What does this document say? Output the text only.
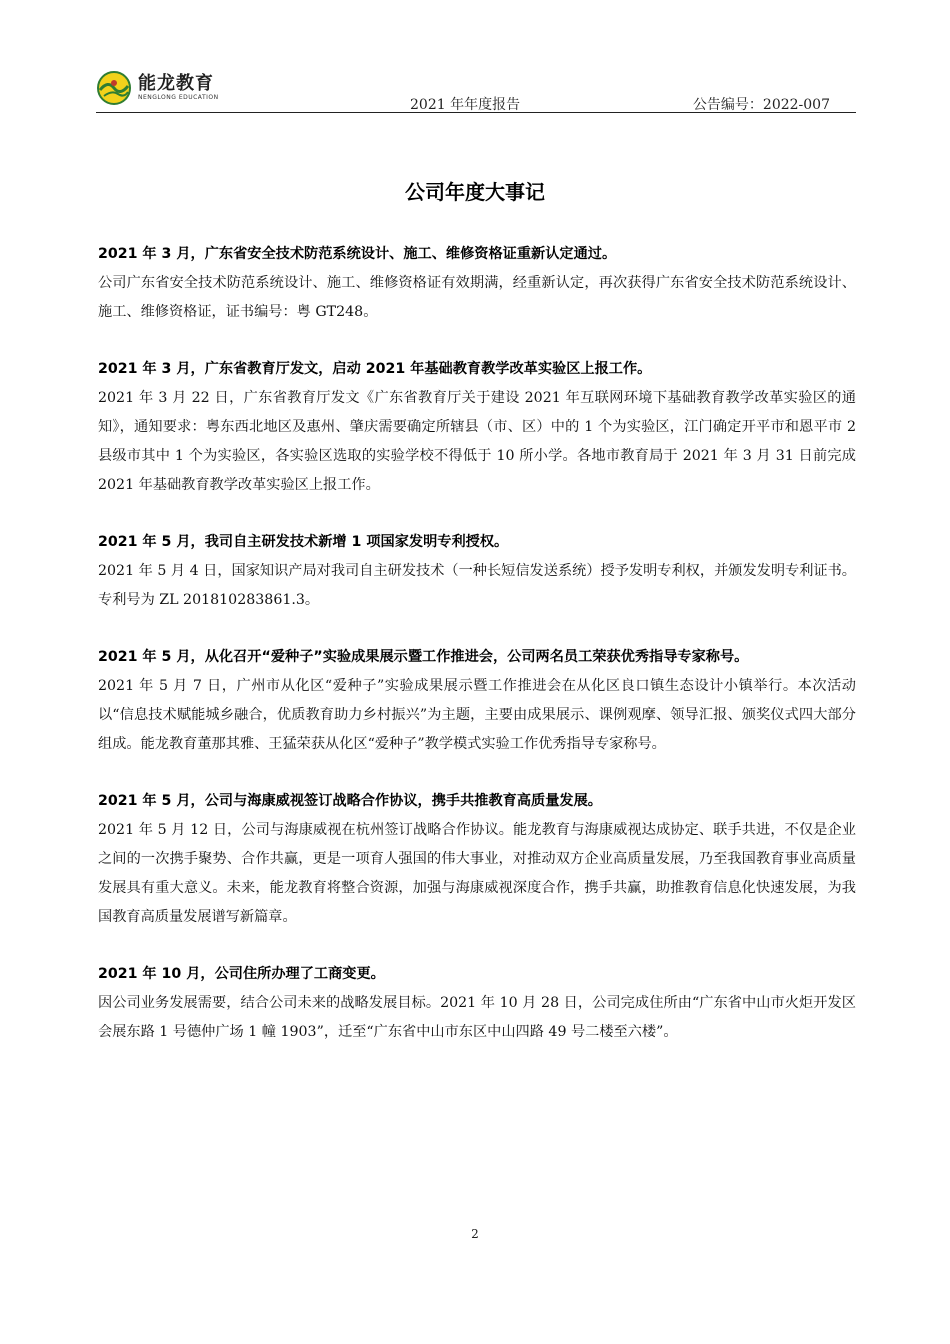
能龙教育
NENGLONG EDUCATION	2021 年年度报告	公告编号：2022-007
公司年度大事记
2021 年 3 月，广东省安全技术防范系统设计、施工、维修资格证重新认定通过。
公司广东省安全技术防范系统设计、施工、维修资格证有效期满，经重新认定，再次获得广东省安全技术防范系统设计、施工、维修资格证，证书编号：粤 GT248。
2021 年 3 月，广东省教育厅发文，启动 2021 年基础教育教学改革实验区上报工作。
2021 年 3 月 22 日，广东省教育厅发文《广东省教育厅关于建设 2021 年互联网环境下基础教育教学改革实验区的通知》，通知要求：粤东西北地区及惠州、肇庆需要确定所辖县（市、区）中的 1 个为实验区，江门确定开平市和恩平市 2 县级市其中 1 个为实验区，各实验区选取的实验学校不得低于 10 所小学。各地市教育局于 2021 年 3 月 31 日前完成 2021 年基础教育教学改革实验区上报工作。
2021 年 5 月，我司自主研发技术新增 1 项国家发明专利授权。
2021 年 5 月 4 日，国家知识产局对我司自主研发技术（一种长短信发送系统）授予发明专利权，并颁发发明专利证书。专利号为 ZL 201810283861.3。
2021 年 5 月，从化召开“爱种子”实验成果展示暨工作推进会，公司两名员工荣获优秀指导专家称号。
2021 年 5 月 7 日，广州市从化区“爱种子”实验成果展示暨工作推进会在从化区良口镇生态设计小镇举行。本次活动以“信息技术赋能城乡融合，优质教育助力乡村振兴”为主题，主要由成果展示、课例观摩、领导汇报、颁奖仪式四大部分组成。能龙教育董那其雅、王猛荣获从化区“爱种子”教学模式实验工作优秀指导专家称号。
2021 年 5 月，公司与海康威视签订战略合作协议，携手共推教育高质量发展。
2021 年 5 月 12 日，公司与海康威视在杭州签订战略合作协议。能龙教育与海康威视达成协定、联手共进，不仅是企业之间的一次携手聚势、合作共赢，更是一项育人强国的伟大事业，对推动双方企业高质量发展，乃至我国教育事业高质量发展具有重大意义。未来，能龙教育将整合资源，加强与海康威视深度合作，携手共赢，助推教育信息化快速发展，为我国教育高质量发展谱写新篇章。
2021 年 10 月，公司住所办理了工商变更。
因公司业务发展需要，结合公司未来的战略发展目标。2021 年 10 月 28 日，公司完成住所由“广东省中山市火炬开发区会展东路 1 号德仲广场 1 幢 1903”，迁至“广东省中山市东区中山四路 49 号二楼至六楼”。
2
